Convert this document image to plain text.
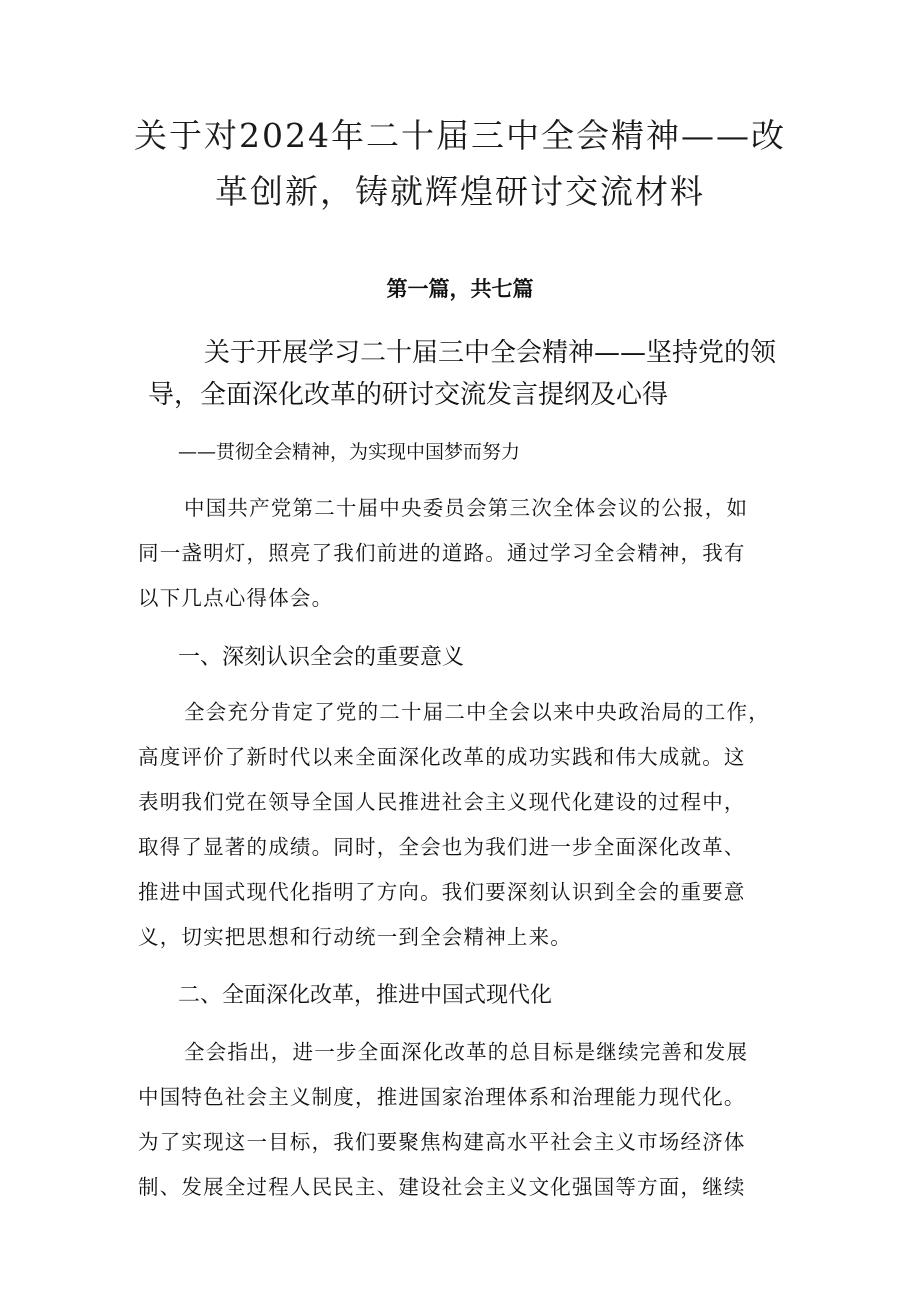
关于对2024年二十届三中全会精神——改
革创新，铸就辉煌研讨交流材料

第一篇，共七篇

关于开展学习二十届三中全会精神——坚持党的领
导，全面深化改革的研讨交流发言提纲及心得

——贯彻全会精神，为实现中国梦而努力

中国共产党第二十届中央委员会第三次全体会议的公报，如
同一盏明灯，照亮了我们前进的道路。通过学习全会精神，我有
以下几点心得体会。
一、深刻认识全会的重要意义
全会充分肯定了党的二十届二中全会以来中央政治局的工作，
高度评价了新时代以来全面深化改革的成功实践和伟大成就。这
表明我们党在领导全国人民推进社会主义现代化建设的过程中，
取得了显著的成绩。同时，全会也为我们进一步全面深化改革、
推进中国式现代化指明了方向。我们要深刻认识到全会的重要意
义，切实把思想和行动统一到全会精神上来。
二、全面深化改革，推进中国式现代化
全会指出，进一步全面深化改革的总目标是继续完善和发展
中国特色社会主义制度，推进国家治理体系和治理能力现代化。
为了实现这一目标，我们要聚焦构建高水平社会主义市场经济体
制、发展全过程人民民主、建设社会主义文化强国等方面，继续
